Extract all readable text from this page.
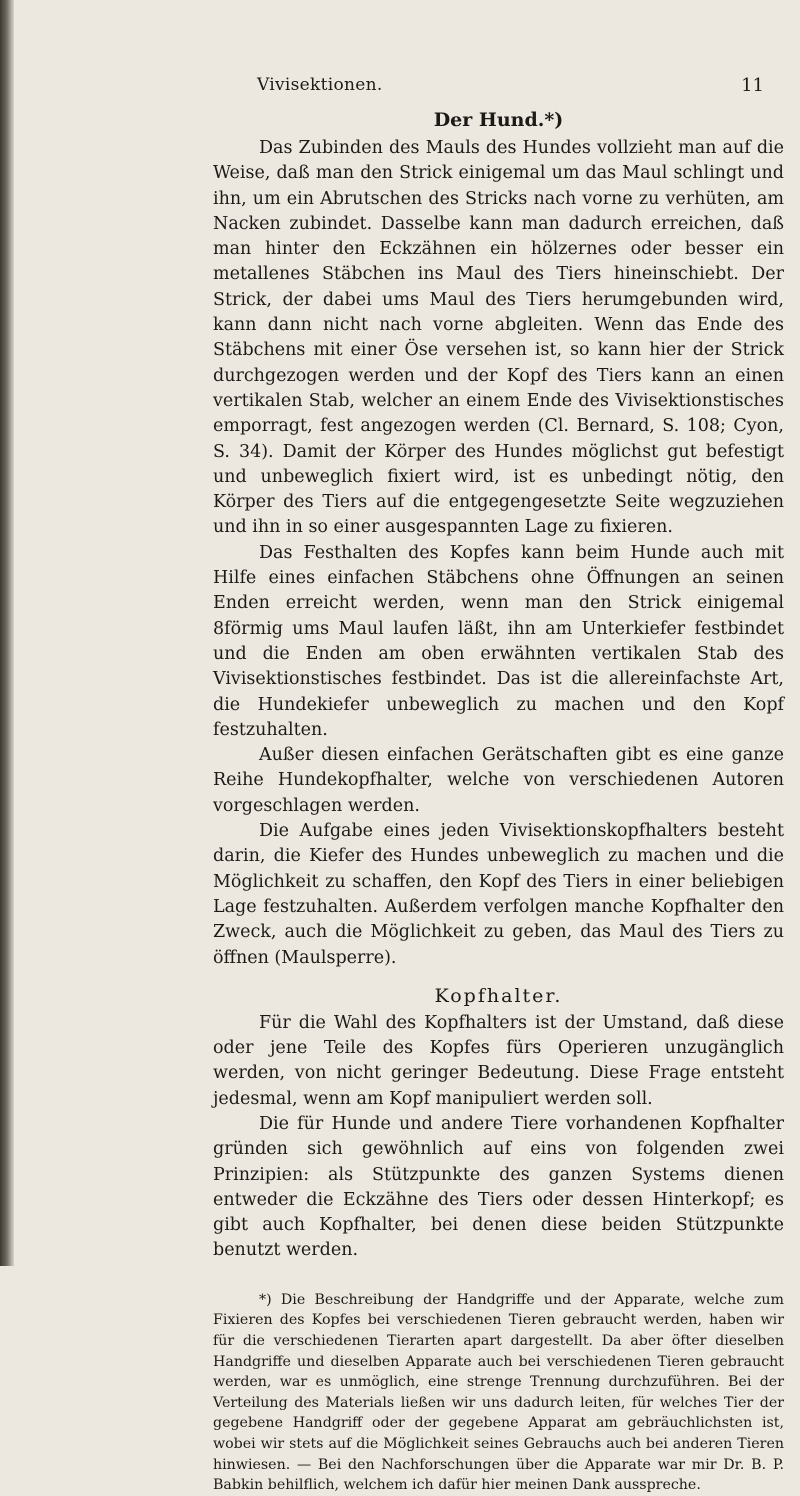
Vivisektionen.	11
Der Hund.*)

Das Zubinden des Mauls des Hundes vollzieht man auf die Weise, daß man den Strick einigemal um das Maul schlingt und ihn, um ein Abrutschen des Stricks nach vorne zu verhüten, am Nacken zubindet. Dasselbe kann man dadurch erreichen, daß man hinter den Eckzähnen ein hölzernes oder besser ein metallenes Stäbchen ins Maul des Tiers hineinschiebt. Der Strick, der dabei ums Maul des Tiers herumgebunden wird, kann dann nicht nach vorne abgleiten. Wenn das Ende des Stäbchens mit einer Öse versehen ist, so kann hier der Strick durchgezogen werden und der Kopf des Tiers kann an einen vertikalen Stab, welcher an einem Ende des Vivisektionstisches emporragt, fest angezogen werden (Cl. Bernard, S. 108; Cyon, S. 34). Damit der Körper des Hundes möglichst gut befestigt und unbeweglich fixiert wird, ist es unbedingt nötig, den Körper des Tiers auf die entgegengesetzte Seite wegzuziehen und ihn in so einer ausgespannten Lage zu fixieren.

Das Festhalten des Kopfes kann beim Hunde auch mit Hilfe eines einfachen Stäbchens ohne Öffnungen an seinen Enden erreicht werden, wenn man den Strick einigemal 8förmig ums Maul laufen läßt, ihn am Unterkiefer festbindet und die Enden am oben erwähnten vertikalen Stab des Vivisektionstisches festbindet. Das ist die allereinfachste Art, die Hundekiefer unbeweglich zu machen und den Kopf festzuhalten.

Außer diesen einfachen Gerätschaften gibt es eine ganze Reihe Hundekopfhalter, welche von verschiedenen Autoren vorgeschlagen werden.

Die Aufgabe eines jeden Vivisektionskopfhalters besteht darin, die Kiefer des Hundes unbeweglich zu machen und die Möglichkeit zu schaffen, den Kopf des Tiers in einer beliebigen Lage festzuhalten. Außerdem verfolgen manche Kopfhalter den Zweck, auch die Möglichkeit zu geben, das Maul des Tiers zu öffnen (Maulsperre).

Kopfhalter.

Für die Wahl des Kopfhalters ist der Umstand, daß diese oder jene Teile des Kopfes fürs Operieren unzugänglich werden, von nicht geringer Bedeutung. Diese Frage entsteht jedesmal, wenn am Kopf manipuliert werden soll.

Die für Hunde und andere Tiere vorhandenen Kopfhalter gründen sich gewöhnlich auf eins von folgenden zwei Prinzipien: als Stützpunkte des ganzen Systems dienen entweder die Eckzähne des Tiers oder dessen Hinterkopf; es gibt auch Kopfhalter, bei denen diese beiden Stützpunkte benutzt werden.

*) Die Beschreibung der Handgriffe und der Apparate, welche zum Fixieren des Kopfes bei verschiedenen Tieren gebraucht werden, haben wir für die verschiedenen Tierarten apart dargestellt. Da aber öfter dieselben Handgriffe und dieselben Apparate auch bei verschiedenen Tieren gebraucht werden, war es unmöglich, eine strenge Trennung durchzuführen. Bei der Verteilung des Materials ließen wir uns dadurch leiten, für welches Tier der gegebene Handgriff oder der gegebene Apparat am gebräuchlichsten ist, wobei wir stets auf die Möglichkeit seines Gebrauchs auch bei anderen Tieren hinwiesen. — Bei den Nachforschungen über die Apparate war mir Dr. B. P. Babkin behilflich, welchem ich dafür hier meinen Dank ausspreche.
